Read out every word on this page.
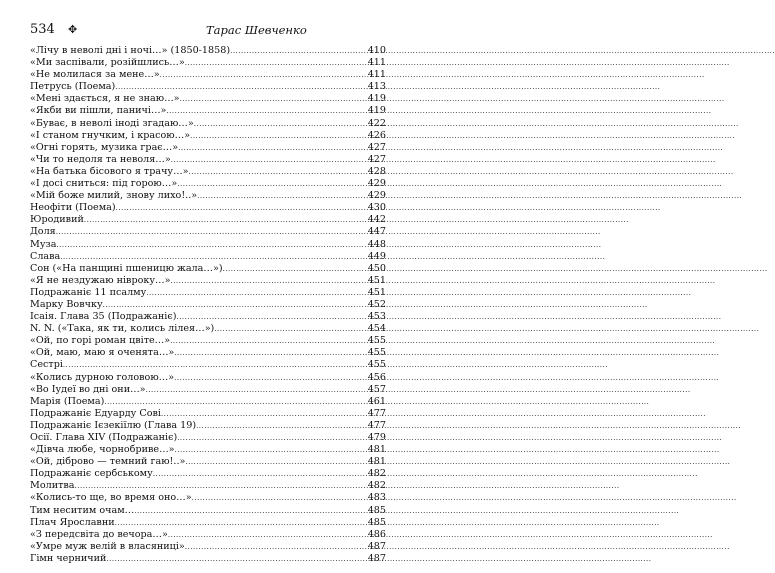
534 ✥	Тарас Шевченко
«Лічу в неволі дні і ночі…» (1850-1858) .....	410
«Ми заспівали, розійшлись…» .....	411
«Не молилася за мене…» .....	411
Петрусь (Поема) .....	413
«Мені здається, я не знаю…» .....	419
«Якби ви пішли, паничі…» .....	419
«Буває, в неволі іноді згадаю…» .....	422
«І станом гнучким, і красою…» .....	426
«Огні горять, музика грає…» .....	427
«Чи то недоля та неволя…» .....	427
«На батька бісового я трачу…» .....	428
«І досі сниться: під горою…» .....	429
«Мій боже милий, знову лихо!..» .....	429
Неофіти (Поема) .....	430
Юродивий .....	442
Доля .....	447
Муза .....	448
Слава .....	449
Сон («На панщині пшеницю жала…») .....	450
«Я не нездужаю нівроку…» .....	451
Подражаніє 11 псалму .....	451
Марку Вовчку .....	452
Ісаія. Глава 35 (Подражаніє) .....	453
N. N. («Така, як ти, колись лілея…») .....	454
«Ой, по горі роман цвіте…» .....	455
«Ой, маю, маю я оченята…» .....	455
Сестрі .....	455
«Колись дурною головою…» .....	456
«Во Іудеї во дні они…» .....	457
Марія (Поема) .....	461
Подражаніє Едуарду Сові .....	477
Подражаніє Ієзекіїлю (Глава 19) .....	477
Осії. Глава XIV (Подражаніє) .....	479
«Дівча любе, чорнобриве…» .....	481
«Ой, діброво — темний гаю!..» .....	481
Подражаніє сербському .....	482
Молитва .....	482
«Колись-то ще, во время оно…» .....	483
Тим неситим очам… .....	485
Плач Ярославни .....	485
«З передсвіта до вечора…» .....	486
«Умре муж велій в власяниці» .....	487
Гімн черничий .....	487
